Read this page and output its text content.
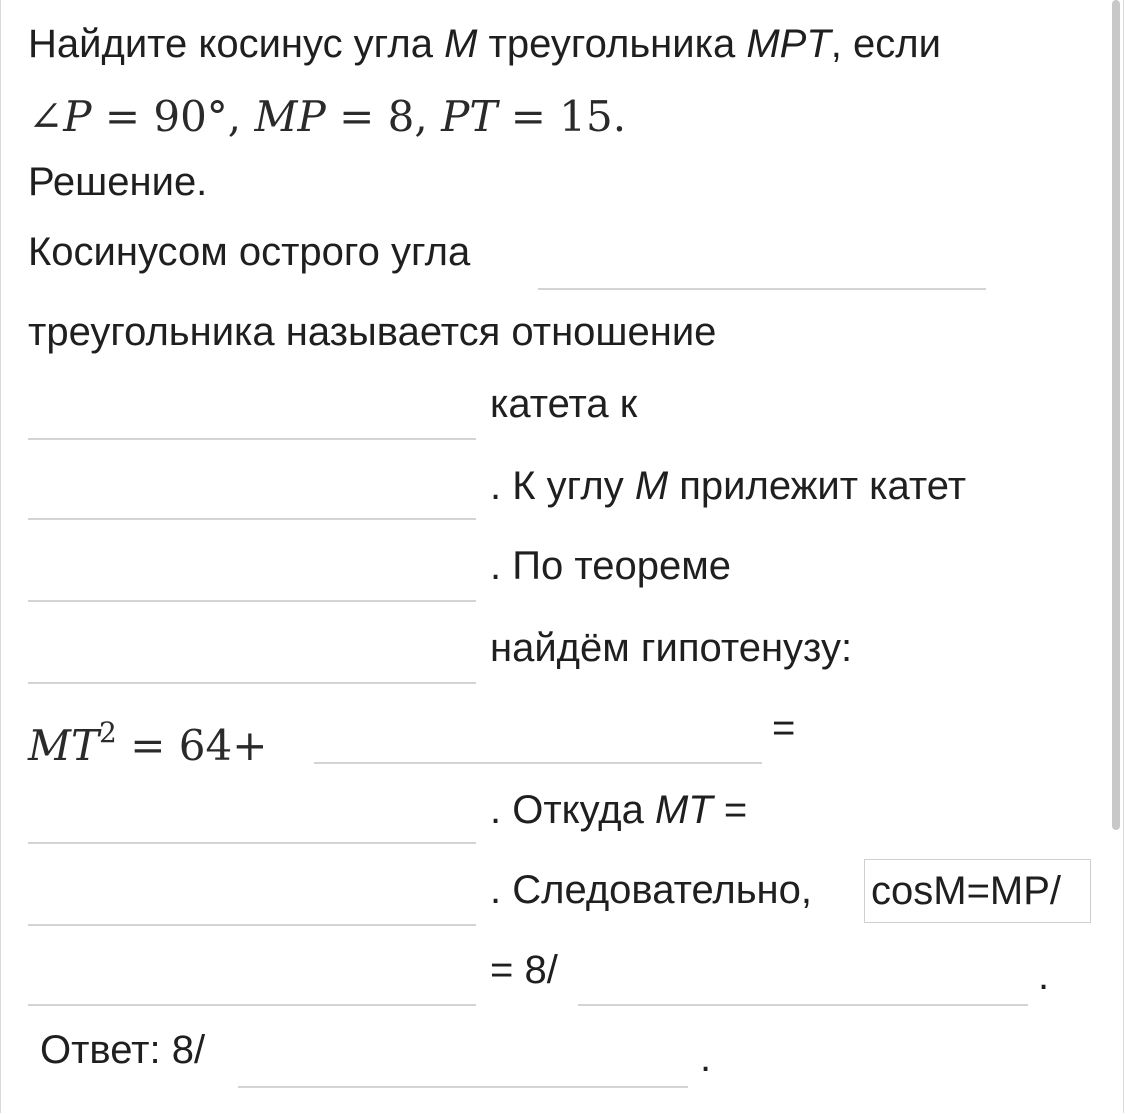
Найдите косинус угла M треугольника MPT, если
∠P = 90°, MP = 8, PT = 15.
Решение.
Косинусом острого угла
треугольника называется отношение
катета к
. К углу M прилежит катет
. По теореме
найдём гипотенузу:
$MT^2 = 64+$	=
. Откуда MT =
. Следовательно, cosM=MP/
= 8/	.
Ответ: 8/	.
